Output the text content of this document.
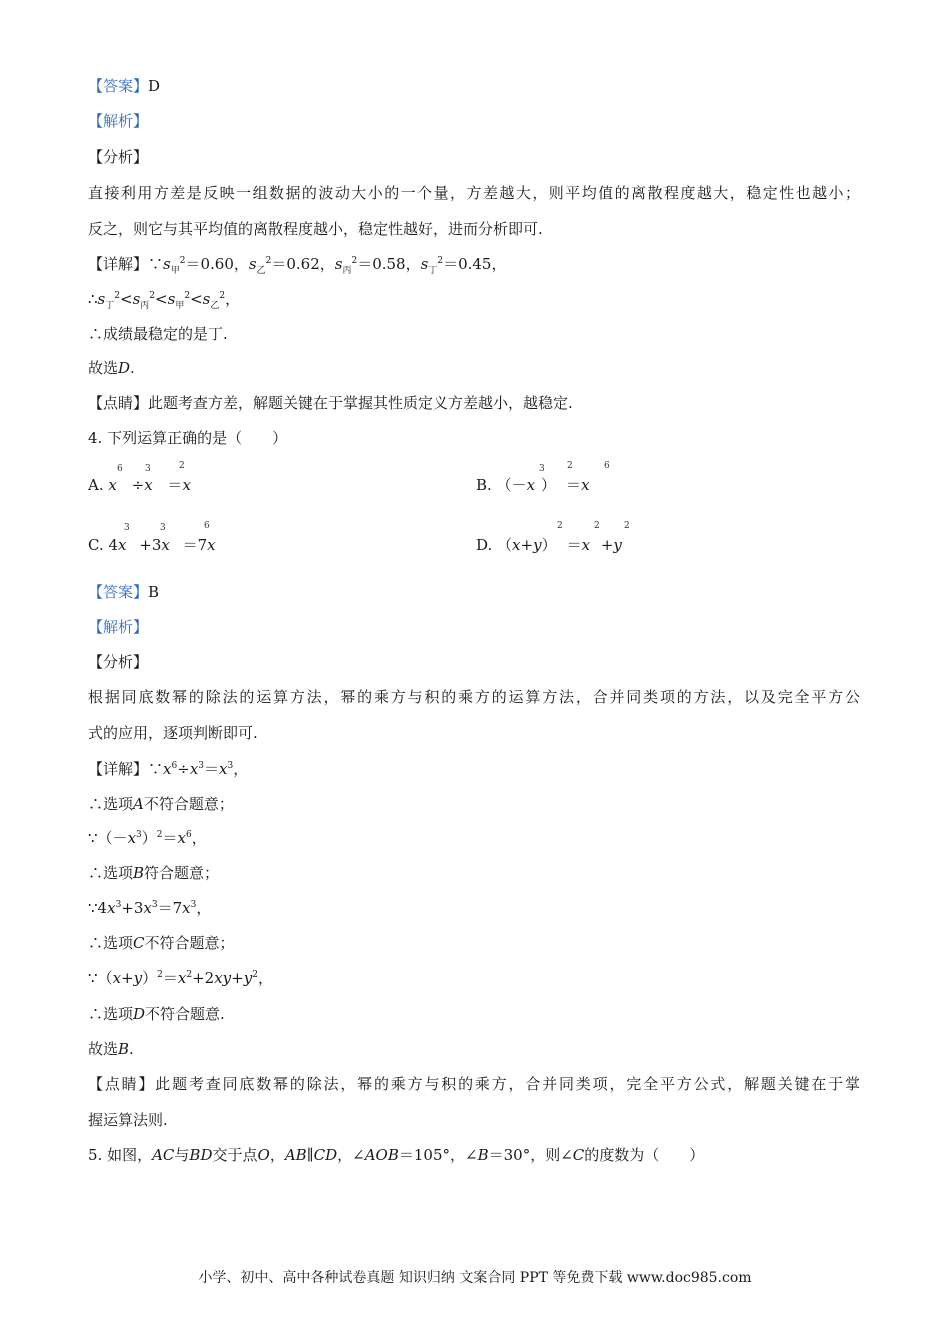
【答案】D
【解析】
【分析】
直接利用方差是反映一组数据的波动大小的一个量，方差越大，则平均值的离散程度越大，稳定性也越小；
反之，则它与其平均值的离散程度越小，稳定性越好，进而分析即可.
【详解】$\because s_甲^2=0.60$，$s_乙^2=0.62$，$s_丙^2=0.58$，$s_丁^2=0.45$，
$\therefore s_丁^2<s_丙^2<s_甲^2<s_乙^2$，
∴成绩最稳定的是丁.
故选D.
【点睛】此题考查方差，解题关键在于掌握其性质定义方差越小，越稳定.
4. 下列运算正确的是（　　）
A. x ÷x ＝x
6 3	2
B. （－x ） ＝x
3 2	6
C. 4x +3x ＝7x
3	3	6
D. （x+y） ＝x +y
2	2	2
【答案】B
【解析】
【分析】
根据同底数幂的除法的运算方法，幂的乘方与积的乘方的运算方法，合并同类项的方法，以及完全平方公
式的应用，逐项判断即可.
【详解】$\because x^6\div x^3=x^3$，
∴选项A不符合题意；
$\because(-x^3)^2=x^6$，
∴选项B符合题意；
$\because 4x^3+3x^3=7x^3$，
∴选项C不符合题意；
$\because(x+y)^2=x^2+2xy+y^2$，
∴选项D不符合题意.
故选B.
【点睛】此题考查同底数幂的除法，幂的乘方与积的乘方，合并同类项，完全平方公式，解题关键在于掌
握运算法则.
5. 如图，AC与BD交于点O，AB∥CD，∠AOB＝105°，∠B＝30°，则∠C的度数为（　　）
小学、初中、高中各种试卷真题 知识归纳 文案合同 PPT 等免费下载 www.doc985.com
